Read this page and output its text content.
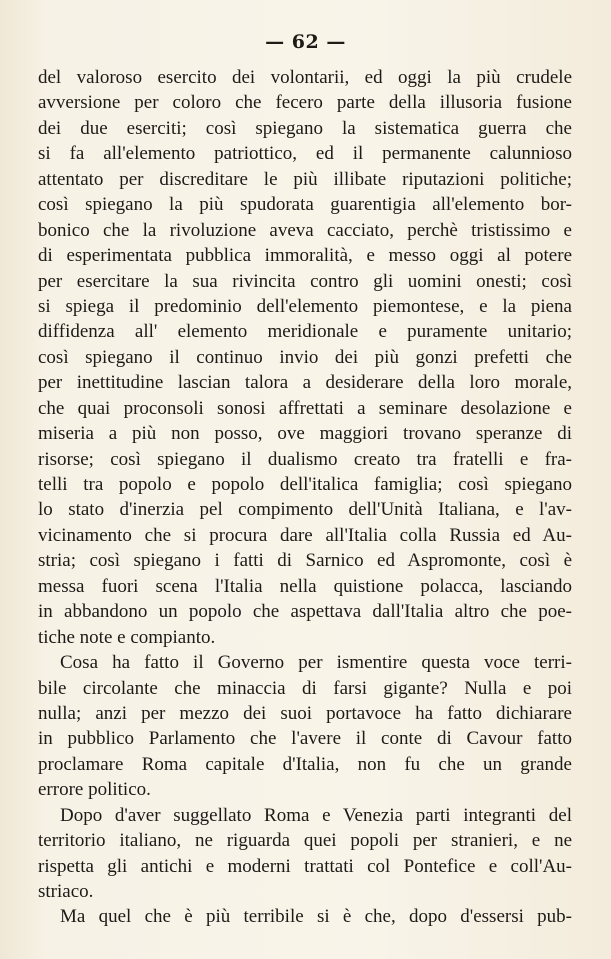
— 62 —
del valoroso esercito dei volontarii, ed oggi la più crudele
avversione per coloro che fecero parte della illusoria fusione
dei due eserciti; così spiegano la sistematica guerra che
si fa all'elemento patriottico, ed il permanente calunnioso
attentato per discreditare le più illibate riputazioni politiche;
così spiegano la più spudorata guarentigia all'elemento bor-
bonico che la rivoluzione aveva cacciato, perchè tristissimo e
di esperimentata pubblica immoralità, e messo oggi al potere
per esercitare la sua rivincita contro gli uomini onesti; così
si spiega il predominio dell'elemento piemontese, e la piena
diffidenza all' elemento meridionale e puramente unitario;
così spiegano il continuo invio dei più gonzi prefetti che
per inettitudine lascian talora a desiderare della loro morale,
che quai proconsoli sonosi affrettati a seminare desolazione e
miseria a più non posso, ove maggiori trovano speranze di
risorse; così spiegano il dualismo creato tra fratelli e fra-
telli tra popolo e popolo dell'italica famiglia; così spiegano
lo stato d'inerzia pel compimento dell'Unità Italiana, e l'av-
vicinamento che si procura dare all'Italia colla Russia ed Au-
stria; così spiegano i fatti di Sarnico ed Aspromonte, così è
messa fuori scena l'Italia nella quistione polacca, lasciando
in abbandono un popolo che aspettava dall'Italia altro che poe-
tiche note e compianto.
Cosa ha fatto il Governo per ismentire questa voce terri-
bile circolante che minaccia di farsi gigante? Nulla e poi
nulla; anzi per mezzo dei suoi portavoce ha fatto dichiarare
in pubblico Parlamento che l'avere il conte di Cavour fatto
proclamare Roma capitale d'Italia, non fu che un grande
errore politico.
Dopo d'aver suggellato Roma e Venezia parti integranti del
territorio italiano, ne riguarda quei popoli per stranieri, e ne
rispetta gli antichi e moderni trattati col Pontefice e coll'Au-
striaco.
Ma quel che è più terribile si è che, dopo d'essersi pub-
